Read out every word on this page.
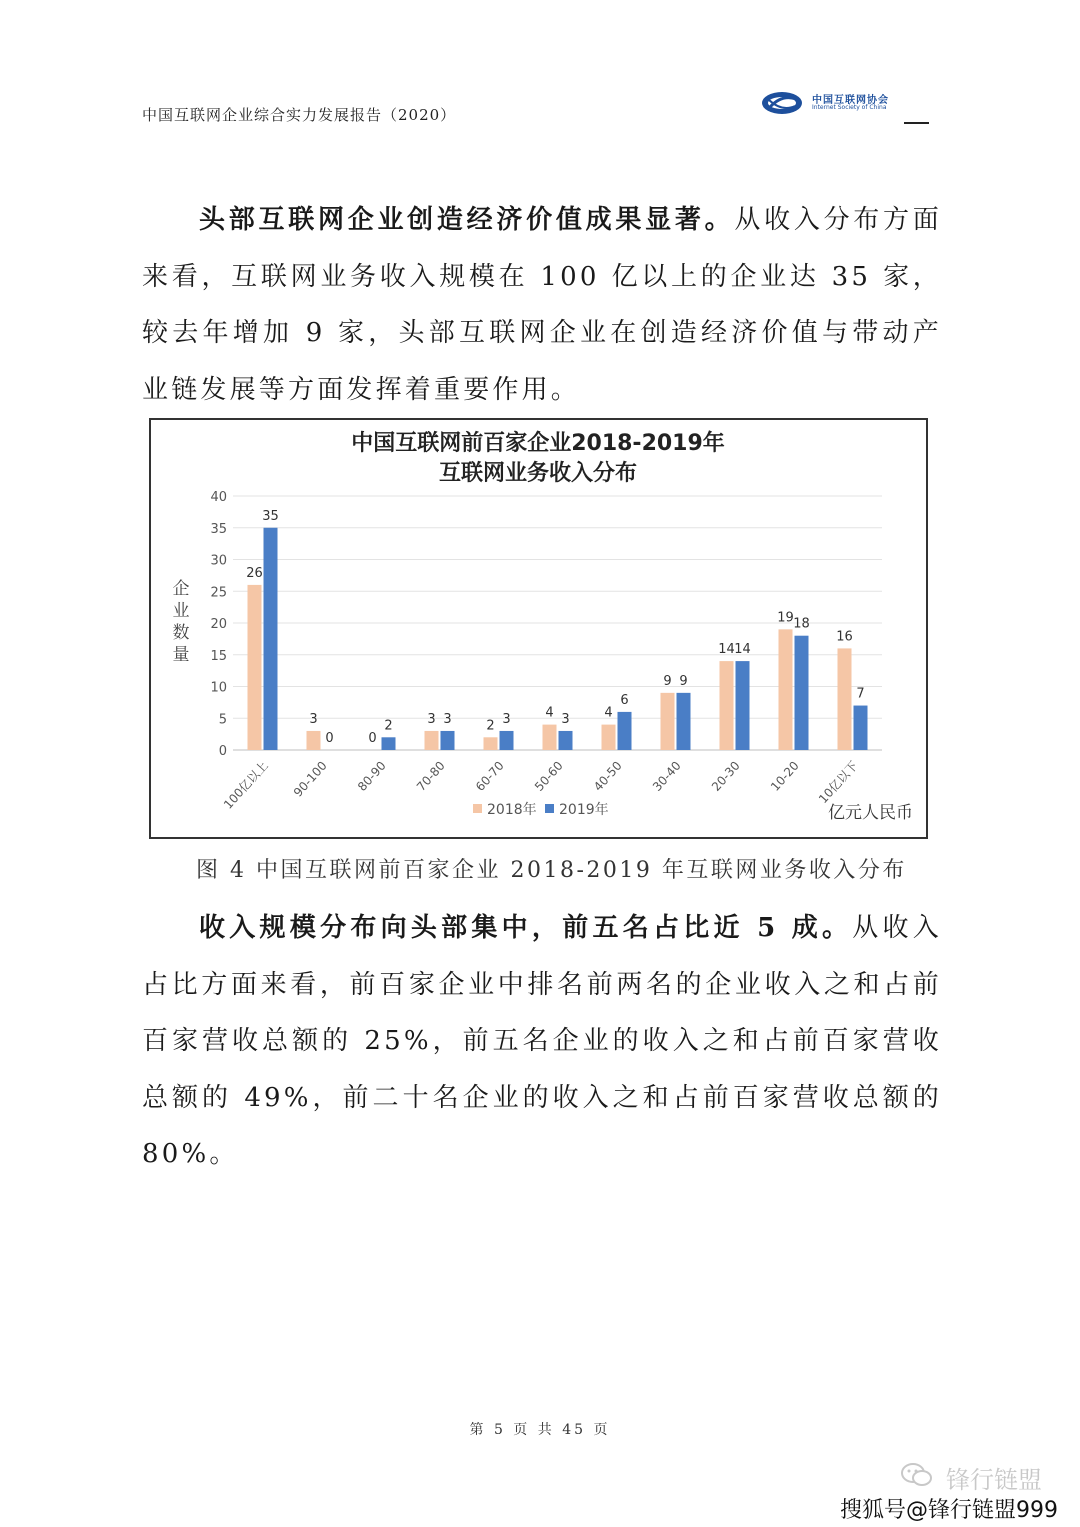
中国互联网企业综合实力发展报告（2020）
中国互联网协会
Internet Society of China

头部互联网企业创造经济价值成果显著。从收入分布方面来看，互联网业务收入规模在 100 亿以上的企业达 35 家，较去年增加 9 家，头部互联网企业在创造经济价值与带动产业链发展等方面发挥着重要作用。

中国互联网前百家企业2018-2019年
互联网业务收入分布
0
5
10
15
20
25
30
35
40
企
业
数
量
26
35
100亿以上
3
0
90-100
0
2
80-90
3 3
70-80
2 3
60-70
4 3
50-60
4
6
40-50
9 9
30-40
14 14
20-30
19 18
10-20
16
7
10亿以下
2018年 2019年	亿元人民币
图 4 中国互联网前百家企业 2018-2019 年互联网业务收入分布

收入规模分布向头部集中，前五名占比近 5 成。从收入占比方面来看，前百家企业中排名前两名的企业收入之和占前百家营收总额的 25%，前五名企业的收入之和占前百家营收总额的 49%，前二十名企业的收入之和占前百家营收总额的 80%。

第 5 页 共 45 页
锋行链盟
搜狐号@锋行链盟999
